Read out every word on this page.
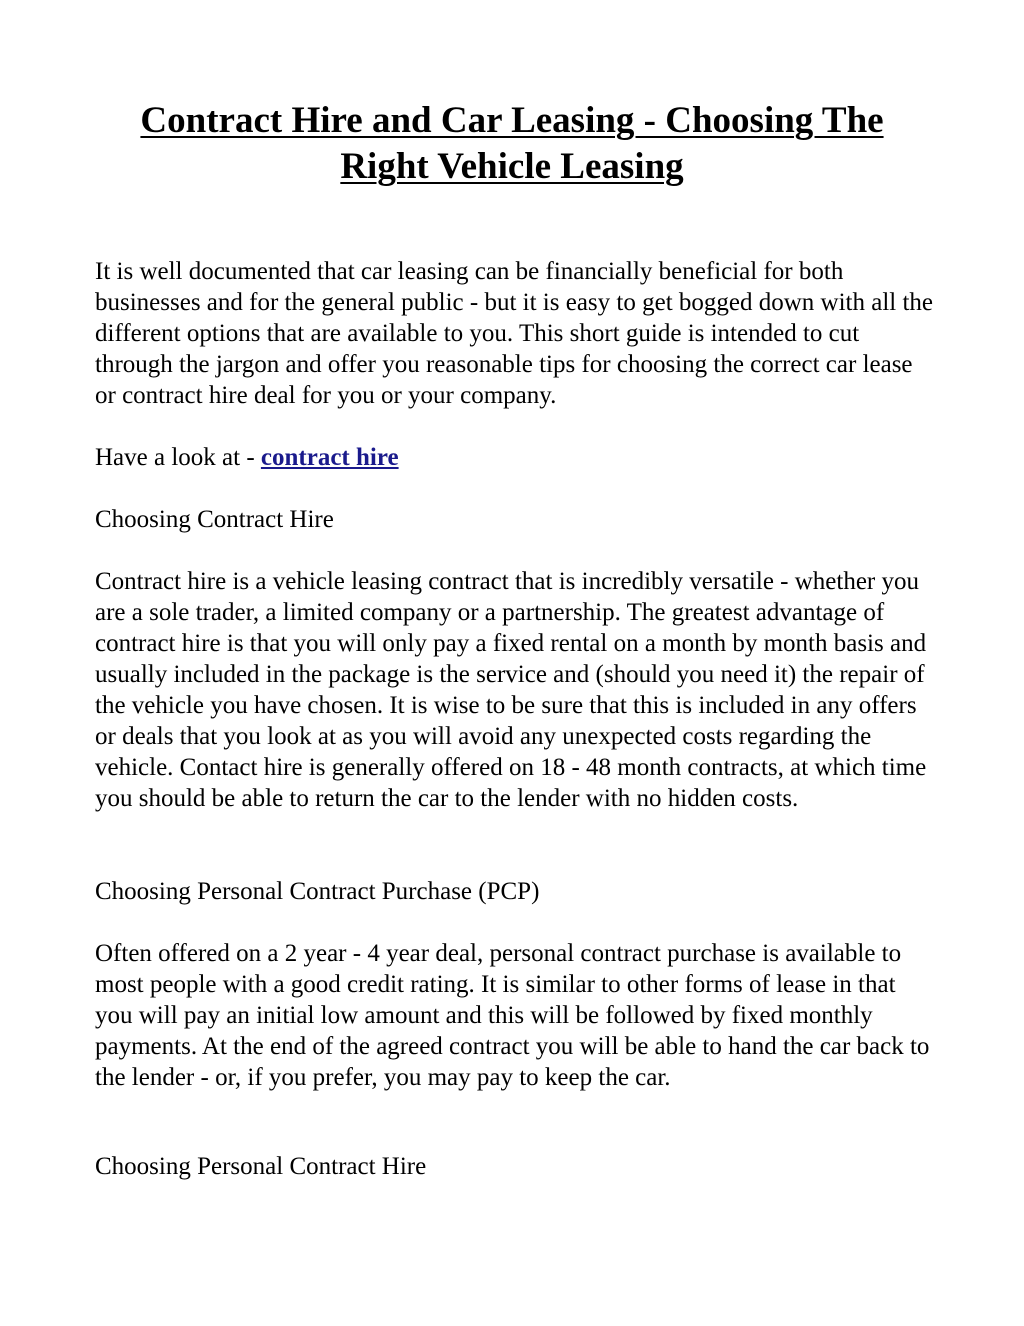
Contract Hire and Car Leasing - Choosing The Right Vehicle Leasing

It is well documented that car leasing can be financially beneficial for both businesses and for the general public - but it is easy to get bogged down with all the different options that are available to you. This short guide is intended to cut through the jargon and offer you reasonable tips for choosing the correct car lease or contract hire deal for you or your company.

Have a look at - contract hire

Choosing Contract Hire

Contract hire is a vehicle leasing contract that is incredibly versatile - whether you are a sole trader, a limited company or a partnership. The greatest advantage of contract hire is that you will only pay a fixed rental on a month by month basis and usually included in the package is the service and (should you need it) the repair of the vehicle you have chosen. It is wise to be sure that this is included in any offers or deals that you look at as you will avoid any unexpected costs regarding the vehicle. Contact hire is generally offered on 18 - 48 month contracts, at which time you should be able to return the car to the lender with no hidden costs.

Choosing Personal Contract Purchase (PCP)

Often offered on a 2 year - 4 year deal, personal contract purchase is available to most people with a good credit rating. It is similar to other forms of lease in that you will pay an initial low amount and this will be followed by fixed monthly payments. At the end of the agreed contract you will be able to hand the car back to the lender - or, if you prefer, you may pay to keep the car.

Choosing Personal Contract Hire
